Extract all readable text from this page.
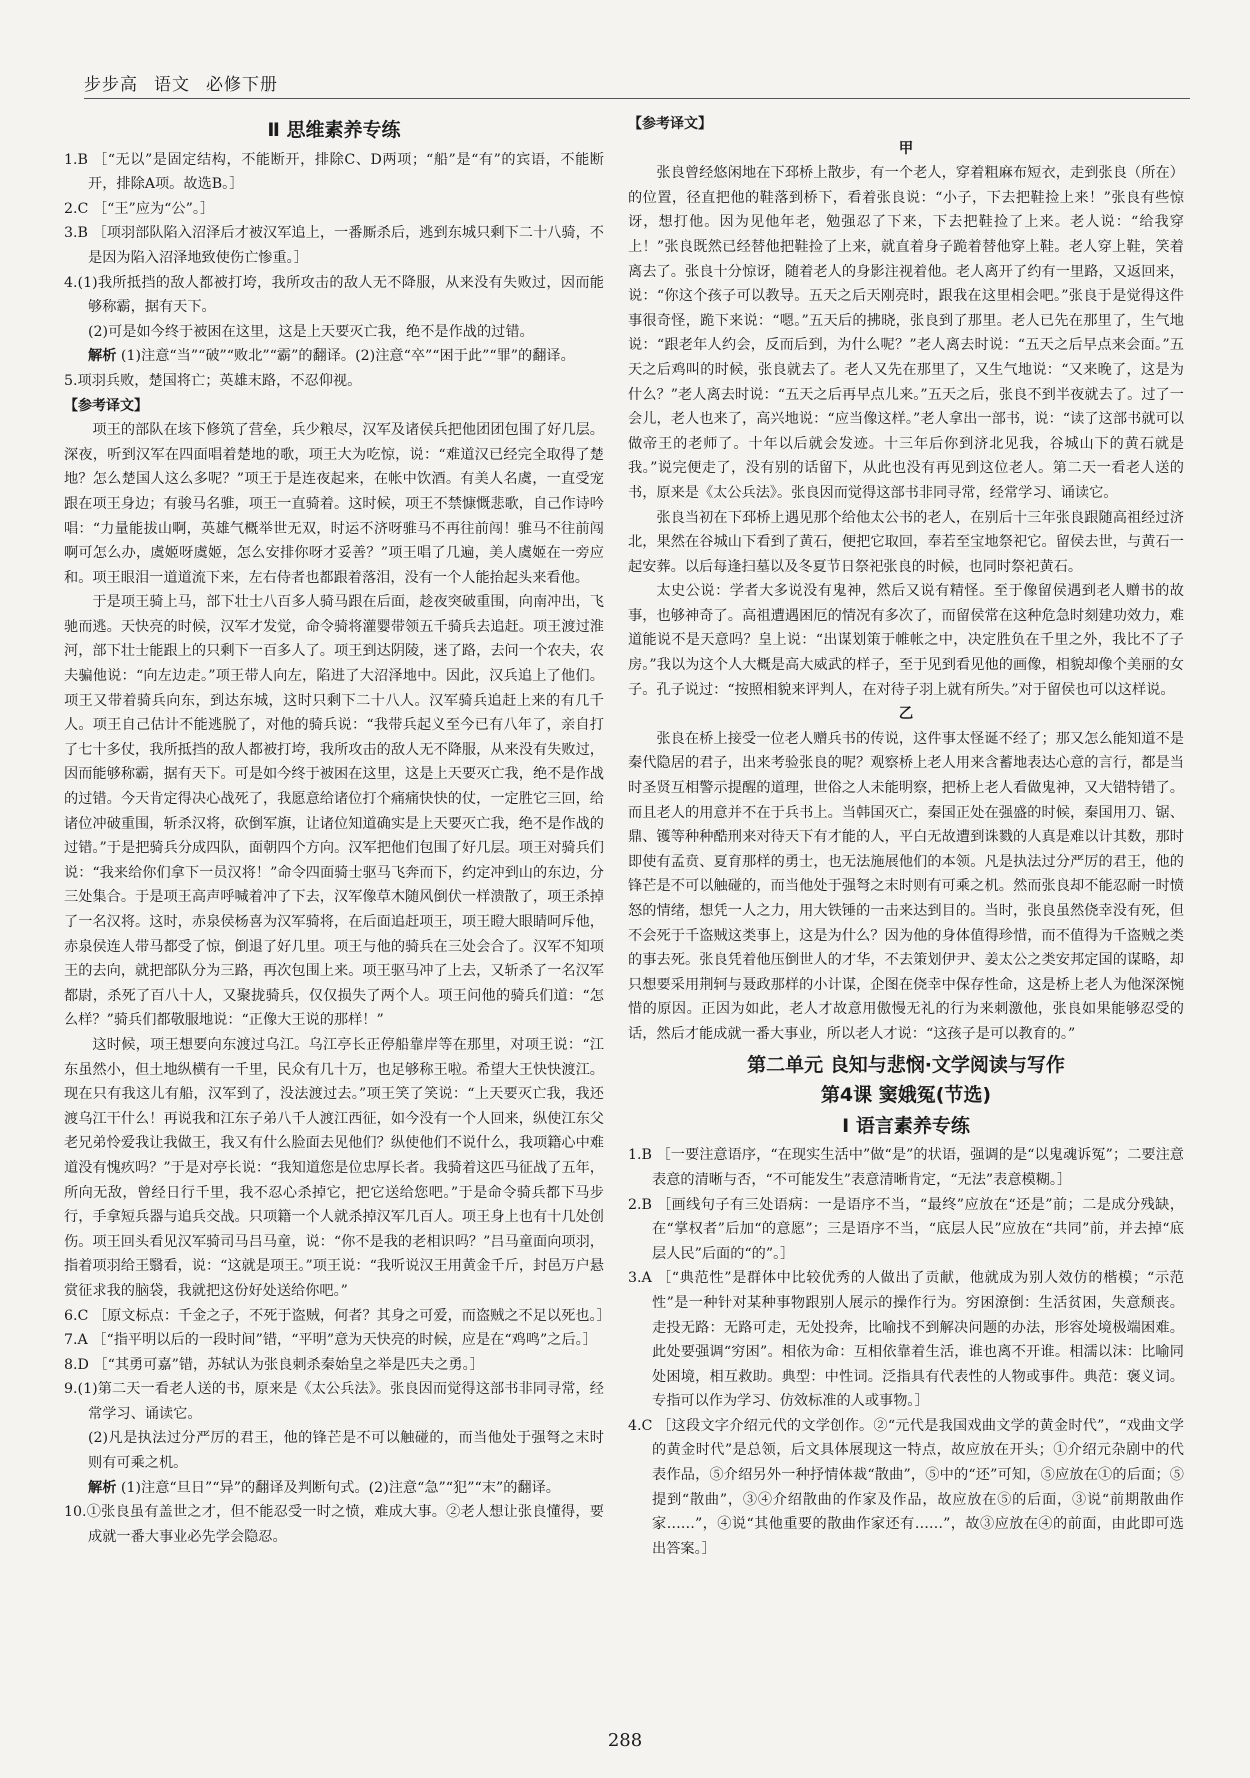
步步高 语文 必修下册
Ⅱ 思维素养专练
1.B ［“无以”是固定结构，不能断开，排除C、D两项；“船”是“有”的宾语，不能断开，排除A项。故选B。］
2.C ［“王”应为“公”。］
3.B ［项羽部队陷入沼泽后才被汉军追上，一番厮杀后，逃到东城只剩下二十八骑，不是因为陷入沼泽地致使伤亡惨重。］
4.(1)我所抵挡的敌人都被打垮，我所攻击的敌人无不降服，从来没有失败过，因而能够称霸，据有天下。
(2)可是如今终于被困在这里，这是上天要灭亡我，绝不是作战的过错。
解析 (1)注意“当”“破”“败北”“霸”的翻译。(2)注意“卒”“困于此”“罪”的翻译。
5.项羽兵败，楚国将亡；英雄末路，不忍仰视。
【参考译文】
项王的部队在垓下修筑了营垒，兵少粮尽，汉军及诸侯兵把他团团包围了好几层。深夜，听到汉军在四面唱着楚地的歌，项王大为吃惊，说：“难道汉已经完全取得了楚地？怎么楚国人这么多呢？”项王于是连夜起来，在帐中饮酒。有美人名虞，一直受宠跟在项王身边；有骏马名骓，项王一直骑着。这时候，项王不禁慷慨悲歌，自己作诗吟唱：“力量能拔山啊，英雄气概举世无双，时运不济呀骓马不再往前闯！骓马不往前闯啊可怎么办，虞姬呀虞姬，怎么安排你呀才妥善？”项王唱了几遍，美人虞姬在一旁应和。项王眼泪一道道流下来，左右侍者也都跟着落泪，没有一个人能抬起头来看他。
于是项王骑上马，部下壮士八百多人骑马跟在后面，趁夜突破重围，向南冲出，飞驰而逃。天快亮的时候，汉军才发觉，命令骑将灌婴带领五千骑兵去追赶。项王渡过淮河，部下壮士能跟上的只剩下一百多人了。项王到达阴陵，迷了路，去问一个农夫，农夫骗他说：“向左边走。”项王带人向左，陷进了大沼泽地中。因此，汉兵追上了他们。项王又带着骑兵向东，到达东城，这时只剩下二十八人。汉军骑兵追赶上来的有几千人。项王自己估计不能逃脱了，对他的骑兵说：“我带兵起义至今已有八年了，亲自打了七十多仗，我所抵挡的敌人都被打垮，我所攻击的敌人无不降服，从来没有失败过，因而能够称霸，据有天下。可是如今终于被困在这里，这是上天要灭亡我，绝不是作战的过错。今天肯定得决心战死了，我愿意给诸位打个痛痛快快的仗，一定胜它三回，给诸位冲破重围，斩杀汉将，砍倒军旗，让诸位知道确实是上天要灭亡我，绝不是作战的过错。”于是把骑兵分成四队，面朝四个方向。汉军把他们包围了好几层。项王对骑兵们说：“我来给你们拿下一员汉将！”命令四面骑士驱马飞奔而下，约定冲到山的东边，分三处集合。于是项王高声呼喊着冲了下去，汉军像草木随风倒伏一样溃散了，项王杀掉了一名汉将。这时，赤泉侯杨喜为汉军骑将，在后面追赶项王，项王瞪大眼睛呵斥他，赤泉侯连人带马都受了惊，倒退了好几里。项王与他的骑兵在三处会合了。汉军不知项王的去向，就把部队分为三路，再次包围上来。项王驱马冲了上去，又斩杀了一名汉军都尉，杀死了百八十人，又聚拢骑兵，仅仅损失了两个人。项王问他的骑兵们道：“怎么样？”骑兵们都敬服地说：“正像大王说的那样！”
这时候，项王想要向东渡过乌江。乌江亭长正停船靠岸等在那里，对项王说：“江东虽然小，但土地纵横有一千里，民众有几十万，也足够称王啦。希望大王快快渡江。现在只有我这儿有船，汉军到了，没法渡过去。”项王笑了笑说：“上天要灭亡我，我还渡乌江干什么！再说我和江东子弟八千人渡江西征，如今没有一个人回来，纵使江东父老兄弟怜爱我让我做王，我又有什么脸面去见他们？纵使他们不说什么，我项籍心中难道没有愧疚吗？”于是对亭长说：“我知道您是位忠厚长者。我骑着这匹马征战了五年，所向无敌，曾经日行千里，我不忍心杀掉它，把它送给您吧。”于是命令骑兵都下马步行，手拿短兵器与追兵交战。只项籍一个人就杀掉汉军几百人。项王身上也有十几处创伤。项王回头看见汉军骑司马吕马童，说：“你不是我的老相识吗？”吕马童面向项羽，指着项羽给王翳看，说：“这就是项王。”项王说：“我听说汉王用黄金千斤，封邑万户悬赏征求我的脑袋，我就把这份好处送给你吧。”
6.C ［原文标点：千金之子，不死于盗贼，何者？其身之可爱，而盗贼之不足以死也。］
7.A ［“指平明以后的一段时间”错，“平明”意为天快亮的时候，应是在“鸡鸣”之后。］
8.D ［“其勇可嘉”错，苏轼认为张良刺杀秦始皇之举是匹夫之勇。］
9.(1)第二天一看老人送的书，原来是《太公兵法》。张良因而觉得这部书非同寻常，经常学习、诵读它。
(2)凡是执法过分严厉的君王，他的锋芒是不可以触碰的，而当他处于强弩之末时则有可乘之机。
解析 (1)注意“旦日”“异”的翻译及判断句式。(2)注意“急”“犯”“末”的翻译。
10.①张良虽有盖世之才，但不能忍受一时之愤，难成大事。②老人想让张良懂得，要成就一番大事业必先学会隐忍。
【参考译文】
甲
张良曾经悠闲地在下邳桥上散步，有一个老人，穿着粗麻布短衣，走到张良（所在）的位置，径直把他的鞋落到桥下，看着张良说：“小子，下去把鞋捡上来！”张良有些惊讶，想打他。因为见他年老，勉强忍了下来，下去把鞋捡了上来。老人说：“给我穿上！”张良既然已经替他把鞋捡了上来，就直着身子跪着替他穿上鞋。老人穿上鞋，笑着离去了。张良十分惊讶，随着老人的身影注视着他。老人离开了约有一里路，又返回来，说：“你这个孩子可以教导。五天之后天刚亮时，跟我在这里相会吧。”张良于是觉得这件事很奇怪，跪下来说：“嗯。”五天后的拂晓，张良到了那里。老人已先在那里了，生气地说：“跟老年人约会，反而后到，为什么呢？”老人离去时说：“五天之后早点来会面。”五天之后鸡叫的时候，张良就去了。老人又先在那里了，又生气地说：“又来晚了，这是为什么？”老人离去时说：“五天之后再早点儿来。”五天之后，张良不到半夜就去了。过了一会儿，老人也来了，高兴地说：“应当像这样。”老人拿出一部书，说：“读了这部书就可以做帝王的老师了。十年以后就会发迹。十三年后你到济北见我，谷城山下的黄石就是我。”说完便走了，没有别的话留下，从此也没有再见到这位老人。第二天一看老人送的书，原来是《太公兵法》。张良因而觉得这部书非同寻常，经常学习、诵读它。
张良当初在下邳桥上遇见那个给他太公书的老人，在别后十三年张良跟随高祖经过济北，果然在谷城山下看到了黄石，便把它取回，奉若至宝地祭祀它。留侯去世，与黄石一起安葬。以后每逢扫墓以及冬夏节日祭祀张良的时候，也同时祭祀黄石。
太史公说：学者大多说没有鬼神，然后又说有精怪。至于像留侯遇到老人赠书的故事，也够神奇了。高祖遭遇困厄的情况有多次了，而留侯常在这种危急时刻建功效力，难道能说不是天意吗？皇上说：“出谋划策于帷帐之中，决定胜负在千里之外，我比不了子房。”我以为这个人大概是高大威武的样子，至于见到看见他的画像，相貌却像个美丽的女子。孔子说过：“按照相貌来评判人，在对待子羽上就有所失。”对于留侯也可以这样说。
乙
张良在桥上接受一位老人赠兵书的传说，这件事太怪诞不经了；那又怎么能知道不是秦代隐居的君子，出来考验张良的呢？观察桥上老人用来含蓄地表达心意的言行，都是当时圣贤互相警示提醒的道理，世俗之人未能明察，把桥上老人看做鬼神，又大错特错了。而且老人的用意并不在于兵书上。当韩国灭亡，秦国正处在强盛的时候，秦国用刀、锯、鼎、镬等种种酷刑来对待天下有才能的人，平白无故遭到诛戮的人真是难以计其数，那时即使有孟贲、夏育那样的勇士，也无法施展他们的本领。凡是执法过分严厉的君王，他的锋芒是不可以触碰的，而当他处于强弩之末时则有可乘之机。然而张良却不能忍耐一时愤怒的情绪，想凭一人之力，用大铁锤的一击来达到目的。当时，张良虽然侥幸没有死，但不会死于千盗贼这类事上，这是为什么？因为他的身体值得珍惜，而不值得为千盗贼之类的事去死。张良凭着他压倒世人的才华，不去策划伊尹、姜太公之类安邦定国的谋略，却只想要采用荆轲与聂政那样的小计谋，企图在侥幸中保存性命，这是桥上老人为他深深惋惜的原因。正因为如此，老人才故意用傲慢无礼的行为来刺激他，张良如果能够忍受的话，然后才能成就一番大事业，所以老人才说：“这孩子是可以教育的。”
第二单元 良知与悲悯·文学阅读与写作
第4课 窦娥冤(节选)
Ⅰ 语言素养专练
1.B ［一要注意语序，“在现实生活中”做“是”的状语，强调的是“以鬼魂诉冤”；二要注意表意的清晰与否，“不可能发生”表意清晰肯定，“无法”表意模糊。］
2.B ［画线句子有三处语病：一是语序不当，“最终”应放在“还是”前；二是成分残缺，在“掌权者”后加“的意愿”；三是语序不当，“底层人民”应放在“共同”前，并去掉“底层人民”后面的“的”。］
3.A ［“典范性”是群体中比较优秀的人做出了贡献，他就成为别人效仿的楷模；“示范性”是一种针对某种事物跟别人展示的操作行为。穷困潦倒：生活贫困，失意颓丧。走投无路：无路可走，无处投奔，比喻找不到解决问题的办法，形容处境极端困难。此处要强调“穷困”。相依为命：互相依靠着生活，谁也离不开谁。相濡以沫：比喻同处困境，相互救助。典型：中性词。泛指具有代表性的人物或事件。典范：褒义词。专指可以作为学习、仿效标准的人或事物。］
4.C ［这段文字介绍元代的文学创作。②“元代是我国戏曲文学的黄金时代”，“戏曲文学的黄金时代”是总领，后文具体展现这一特点，故应放在开头；①介绍元杂剧中的代表作品，⑤介绍另外一种抒情体裁“散曲”，⑤中的“还”可知，⑤应放在①的后面；⑤提到“散曲”，③④介绍散曲的作家及作品，故应放在⑤的后面，③说“前期散曲作家……”，④说“其他重要的散曲作家还有……”，故③应放在④的前面，由此即可选出答案。］
288
